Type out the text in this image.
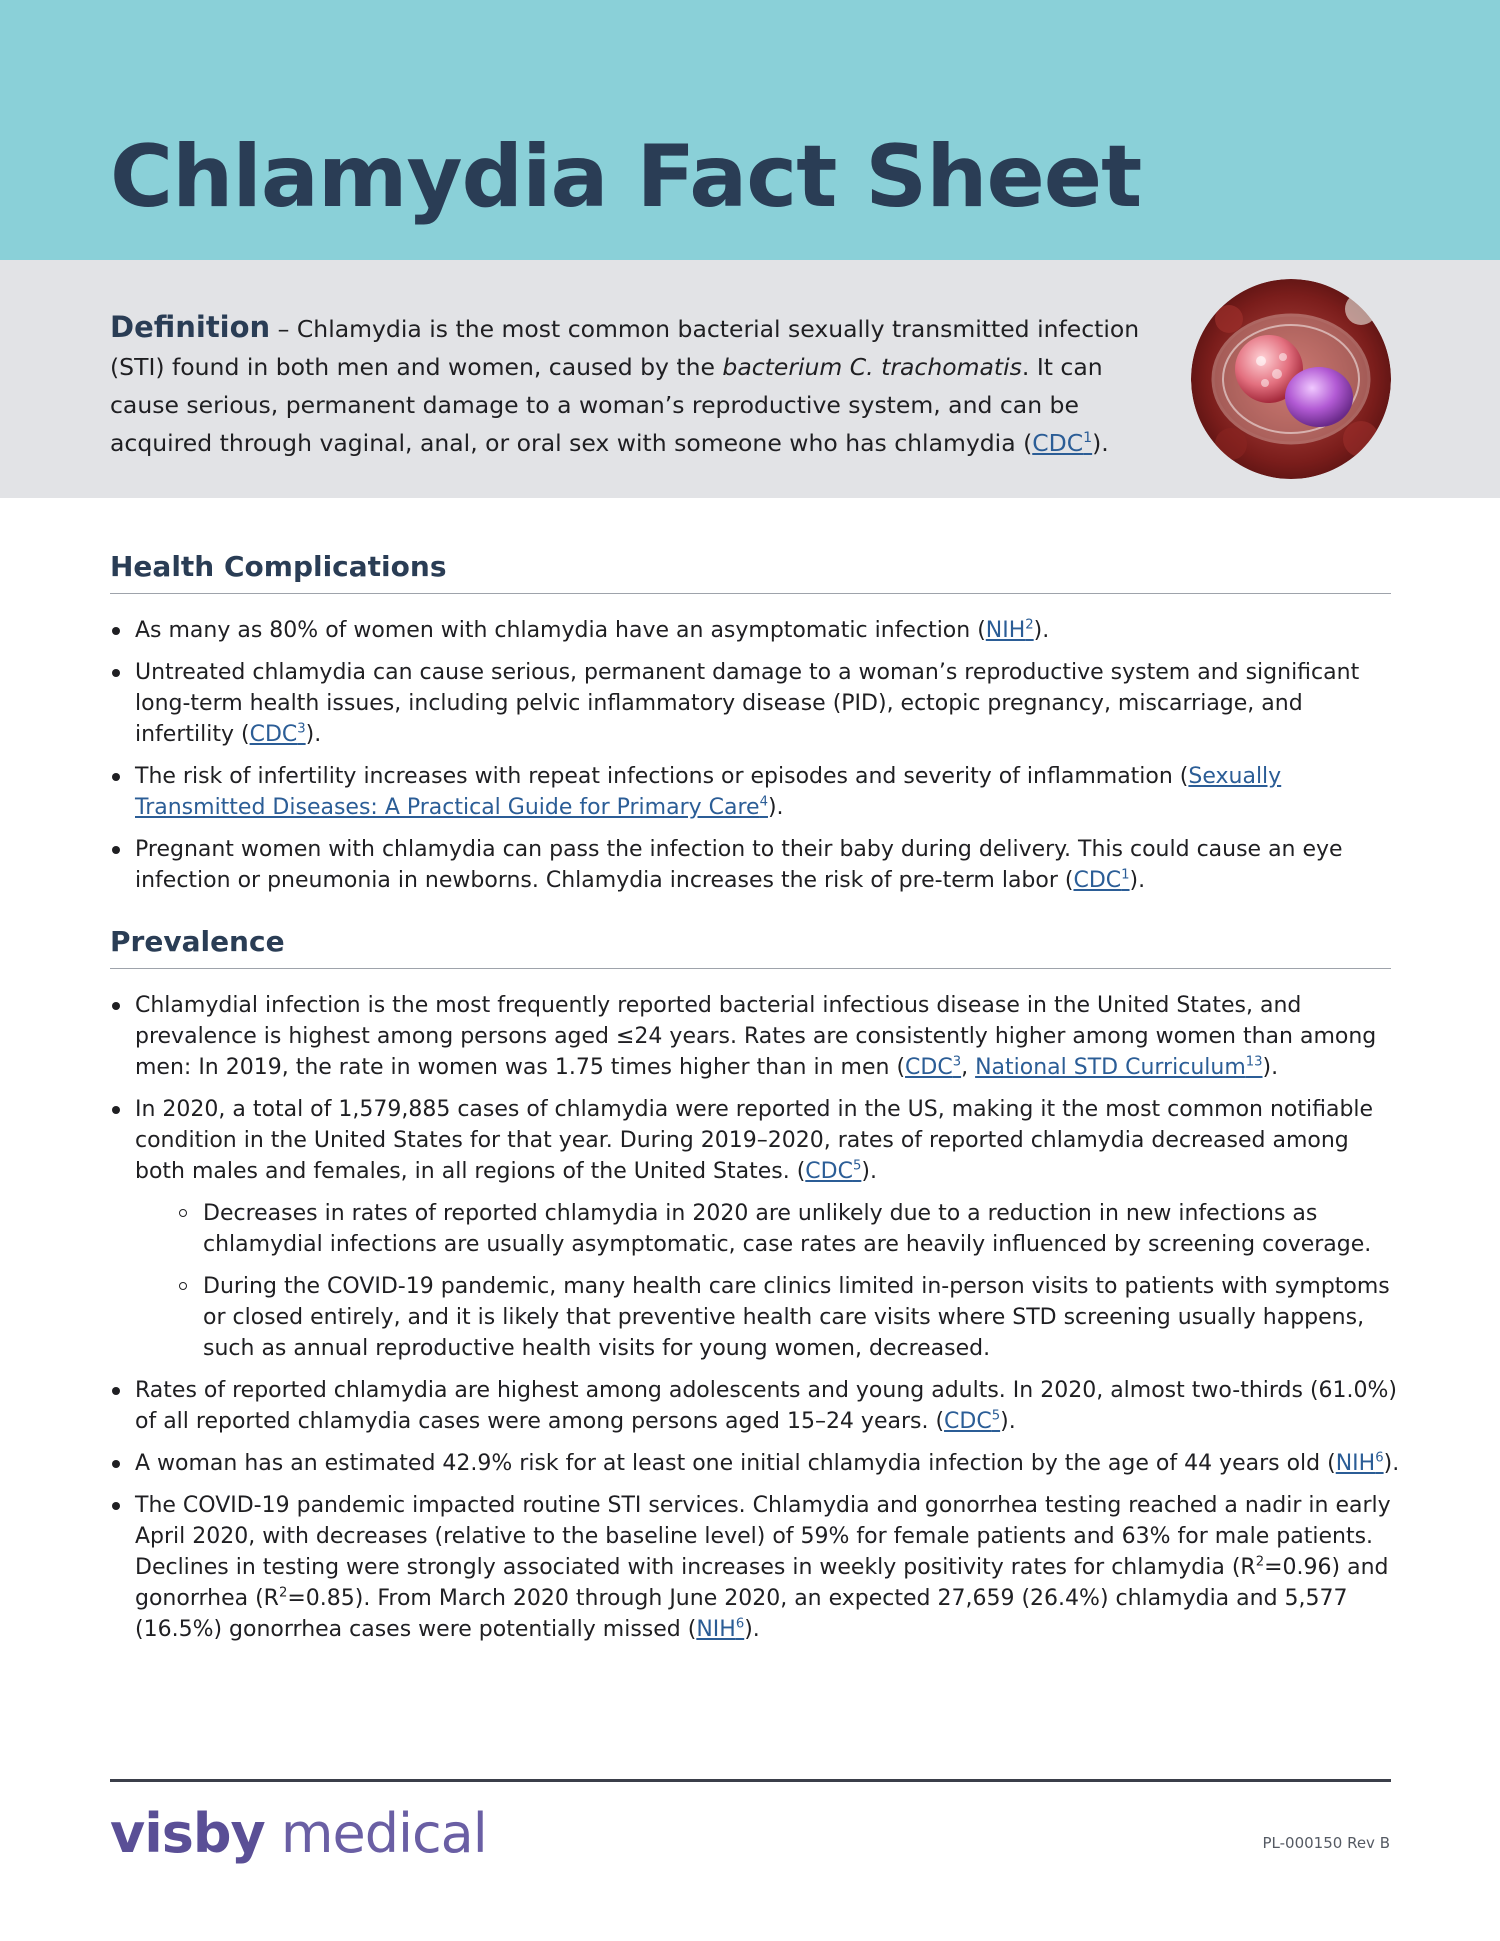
Chlamydia Fact Sheet

Definition – Chlamydia is the most common bacterial sexually transmitted infection (STI) found in both men and women, caused by the bacterium C. trachomatis. It can cause serious, permanent damage to a woman’s reproductive system, and can be acquired through vaginal, anal, or oral sex with someone who has chlamydia (CDC$^1$).

Health Complications
As many as 80% of women with chlamydia have an asymptomatic infection (NIH$^2$).
Untreated chlamydia can cause serious, permanent damage to a woman’s reproductive system and significant long-term health issues, including pelvic inflammatory disease (PID), ectopic pregnancy, miscarriage, and infertility (CDC$^3$).
The risk of infertility increases with repeat infections or episodes and severity of inflammation (Sexually Transmitted Diseases: A Practical Guide for Primary Care$^4$).
Pregnant women with chlamydia can pass the infection to their baby during delivery. This could cause an eye infection or pneumonia in newborns. Chlamydia increases the risk of pre-term labor (CDC$^1$).
Prevalence
Chlamydial infection is the most frequently reported bacterial infectious disease in the United States, and prevalence is highest among persons aged ≤24 years. Rates are consistently higher among women than among men: In 2019, the rate in women was 1.75 times higher than in men (CDC$^3$, National STD Curriculum$^{13}$).
In 2020, a total of 1,579,885 cases of chlamydia were reported in the US, making it the most common notifiable condition in the United States for that year. During 2019–2020, rates of reported chlamydia decreased among both males and females, in all regions of the United States. (CDC$^5$).
Decreases in rates of reported chlamydia in 2020 are unlikely due to a reduction in new infections as chlamydial infections are usually asymptomatic, case rates are heavily influenced by screening coverage.
During the COVID-19 pandemic, many health care clinics limited in-person visits to patients with symptoms or closed entirely, and it is likely that preventive health care visits where STD screening usually happens, such as annual reproductive health visits for young women, decreased.
Rates of reported chlamydia are highest among adolescents and young adults. In 2020, almost two-thirds (61.0%) of all reported chlamydia cases were among persons aged 15–24 years. (CDC$^5$).
A woman has an estimated 42.9% risk for at least one initial chlamydia infection by the age of 44 years old (NIH$^6$).
The COVID-19 pandemic impacted routine STI services. Chlamydia and gonorrhea testing reached a nadir in early April 2020, with decreases (relative to the baseline level) of 59% for female patients and 63% for male patients. Declines in testing were strongly associated with increases in weekly positivity rates for chlamydia $(R^2=0.96)$ and gonorrhea $(R^2=0.85)$. From March 2020 through June 2020, an expected 27,659 (26.4%) chlamydia and 5,577 (16.5%) gonorrhea cases were potentially missed (NIH$^6$).

visby medical	PL-000150 Rev B
